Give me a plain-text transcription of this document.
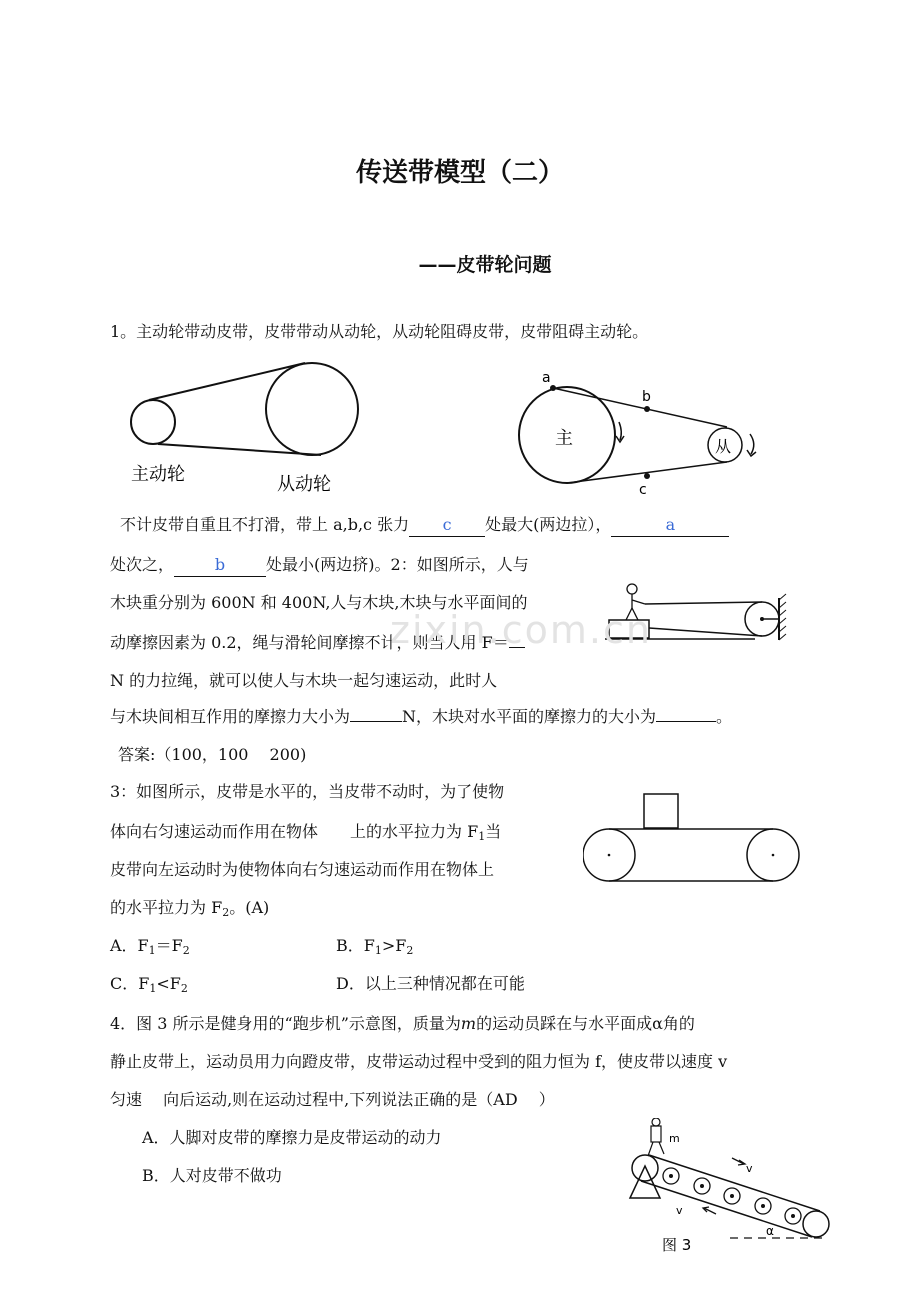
传送带模型（二）
——皮带轮问题
1。主动轮带动皮带，皮带带动从动轮，从动轮阻碍皮带，皮带阻碍主动轮。
主动轮	从动轮
a
b
c
主	从
不计皮带自重且不打滑，带上 a,b,c 张力 c 处最大(两边拉），	a
处次之，	b	处最小(两边挤)。2：如图所示，人与
木块重分别为 600N 和 400N,人与木块,木块与水平面间的
动摩擦因素为 0.2，绳与滑轮间摩擦不计，则当人用 F＝
N 的力拉绳，就可以使人与木块一起匀速运动，此时人
与木块间相互作用的摩擦力大小为	N，木块对水平面的摩擦力的大小为	。
答案:（100，100　 200)
zixin.com.cn
3：如图所示，皮带是水平的，当皮带不动时，为了使物
体向右匀速运动而作用在物体　　上的水平拉力为 $F_1$当
皮带向左运动时为使物体向右匀速运动而作用在物体上
的水平拉力为 $F_2$。(A)
A．$F_1=F_2$	B．$F_1>F_2$
C．$F_1<F_2$	D．以上三种情况都在可能
4．图 3 所示是健身用的“跑步机”示意图，质量为m的运动员踩在与水平面成α角的
静止皮带上，运动员用力向蹬皮带，皮带运动过程中受到的阻力恒为 f，使皮带以速度 v
匀速　 向后运动,则在运动过程中,下列说法正确的是（AD　 ）
A．人脚对皮带的摩擦力是皮带运动的动力
B．人对皮带不做功
m
v
v
α
图 3
